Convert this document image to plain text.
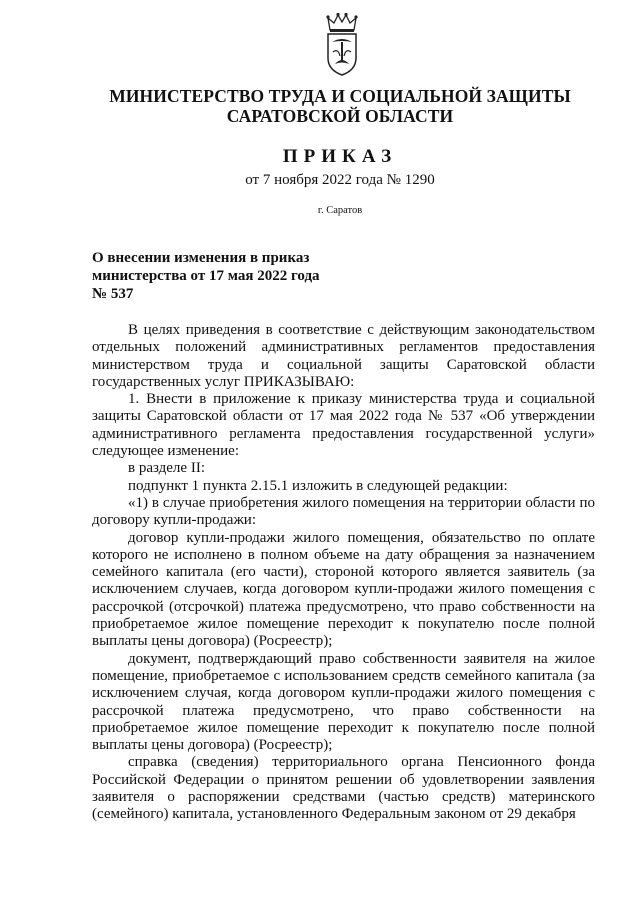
МИНИСТЕРСТВО ТРУДА И СОЦИАЛЬНОЙ ЗАЩИТЫ
САРАТОВСКОЙ ОБЛАСТИ
ПРИКАЗ
от 7 ноября 2022 года № 1290
г. Саратов
О внесении изменения в приказ
министерства от 17 мая 2022 года
№ 537

В целях приведения в соответствие с действующим законодательством отдельных положений административных регламентов предоставления министерством труда и социальной защиты Саратовской области государственных услуг ПРИКАЗЫВАЮ:

1. Внести в приложение к приказу министерства труда и социальной защиты Саратовской области от 17 мая 2022 года № 537 «Об утверждении административного регламента предоставления государственной услуги» следующее изменение:

в разделе II:

подпункт 1 пункта 2.15.1 изложить в следующей редакции:

«1) в случае приобретения жилого помещения на территории области по договору купли-продажи:

договор купли-продажи жилого помещения, обязательство по оплате которого не исполнено в полном объеме на дату обращения за назначением семейного капитала (его части), стороной которого является заявитель (за исключением случаев, когда договором купли-продажи жилого помещения с рассрочкой (отсрочкой) платежа предусмотрено, что право собственности на приобретаемое жилое помещение переходит к покупателю после полной выплаты цены договора) (Росреестр);

документ, подтверждающий право собственности заявителя на жилое помещение, приобретаемое с использованием средств семейного капитала (за исключением случая, когда договором купли-продажи жилого помещения с рассрочкой платежа предусмотрено, что право собственности на приобретаемое жилое помещение переходит к покупателю после полной выплаты цены договора) (Росреестр);

справка (сведения) территориального органа Пенсионного фонда Российской Федерации о принятом решении об удовлетворении заявления заявителя о распоряжении средствами (частью средств) материнского (семейного) капитала, установленного Федеральным законом от 29 декабря
